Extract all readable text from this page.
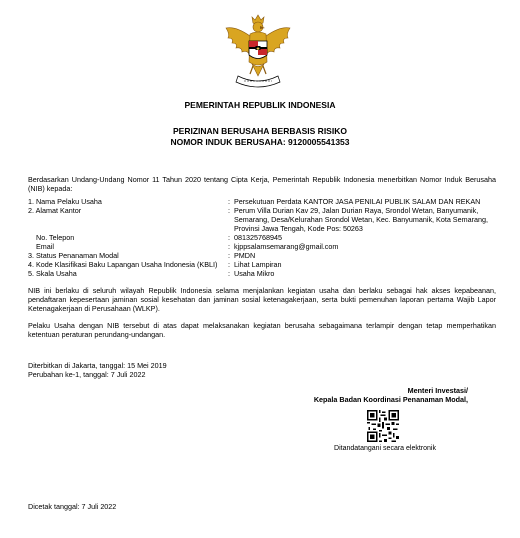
PEMERINTAH REPUBLIK INDONESIA
PERIZINAN BERUSAHA BERBASIS RISIKO
NOMOR INDUK BERUSAHA: 9120005541353
Berdasarkan Undang-Undang Nomor 11 Tahun 2020 tentang Cipta Kerja, Pemerintah Republik Indonesia menerbitkan Nomor Induk Berusaha (NIB) kepada:
1. Nama Pelaku Usaha	: Persekutuan Perdata KANTOR JASA PENILAI PUBLIK SALAM DAN REKAN
2. Alamat Kantor	: Perum Villa Durian Kav 29, Jalan Durian Raya, Srondol Wetan, Banyumanik, Semarang, Desa/Kelurahan Srondol Wetan, Kec. Banyumanik, Kota Semarang, Provinsi Jawa Tengah, Kode Pos: 50263
No. Telepon	: 081325768945
Email	: kjppsalamsemarang@gmail.com
3. Status Penanaman Modal	: PMDN
4. Kode Klasifikasi Baku Lapangan Usaha Indonesia (KBLI)	: Lihat Lampiran
5. Skala Usaha	: Usaha Mikro
NIB ini berlaku di seluruh wilayah Republik Indonesia selama menjalankan kegiatan usaha dan berlaku sebagai hak akses kepabeanan, pendaftaran kepesertaan jaminan sosial kesehatan dan jaminan sosial ketenagakerjaan, serta bukti pemenuhan laporan pertama Wajib Lapor Ketenagakerjaan di Perusahaan (WLKP).
Pelaku Usaha dengan NIB tersebut di atas dapat melaksanakan kegiatan berusaha sebagaimana terlampir dengan tetap memperhatikan ketentuan peraturan perundang-undangan.
Diterbitkan di Jakarta, tanggal: 15 Mei 2019
Perubahan ke-1, tanggal: 7 Juli 2022
Menteri Investasi/
Kepala Badan Koordinasi Penanaman Modal,
Ditandatangani secara elektronik
Dicetak tanggal: 7 Juli 2022
